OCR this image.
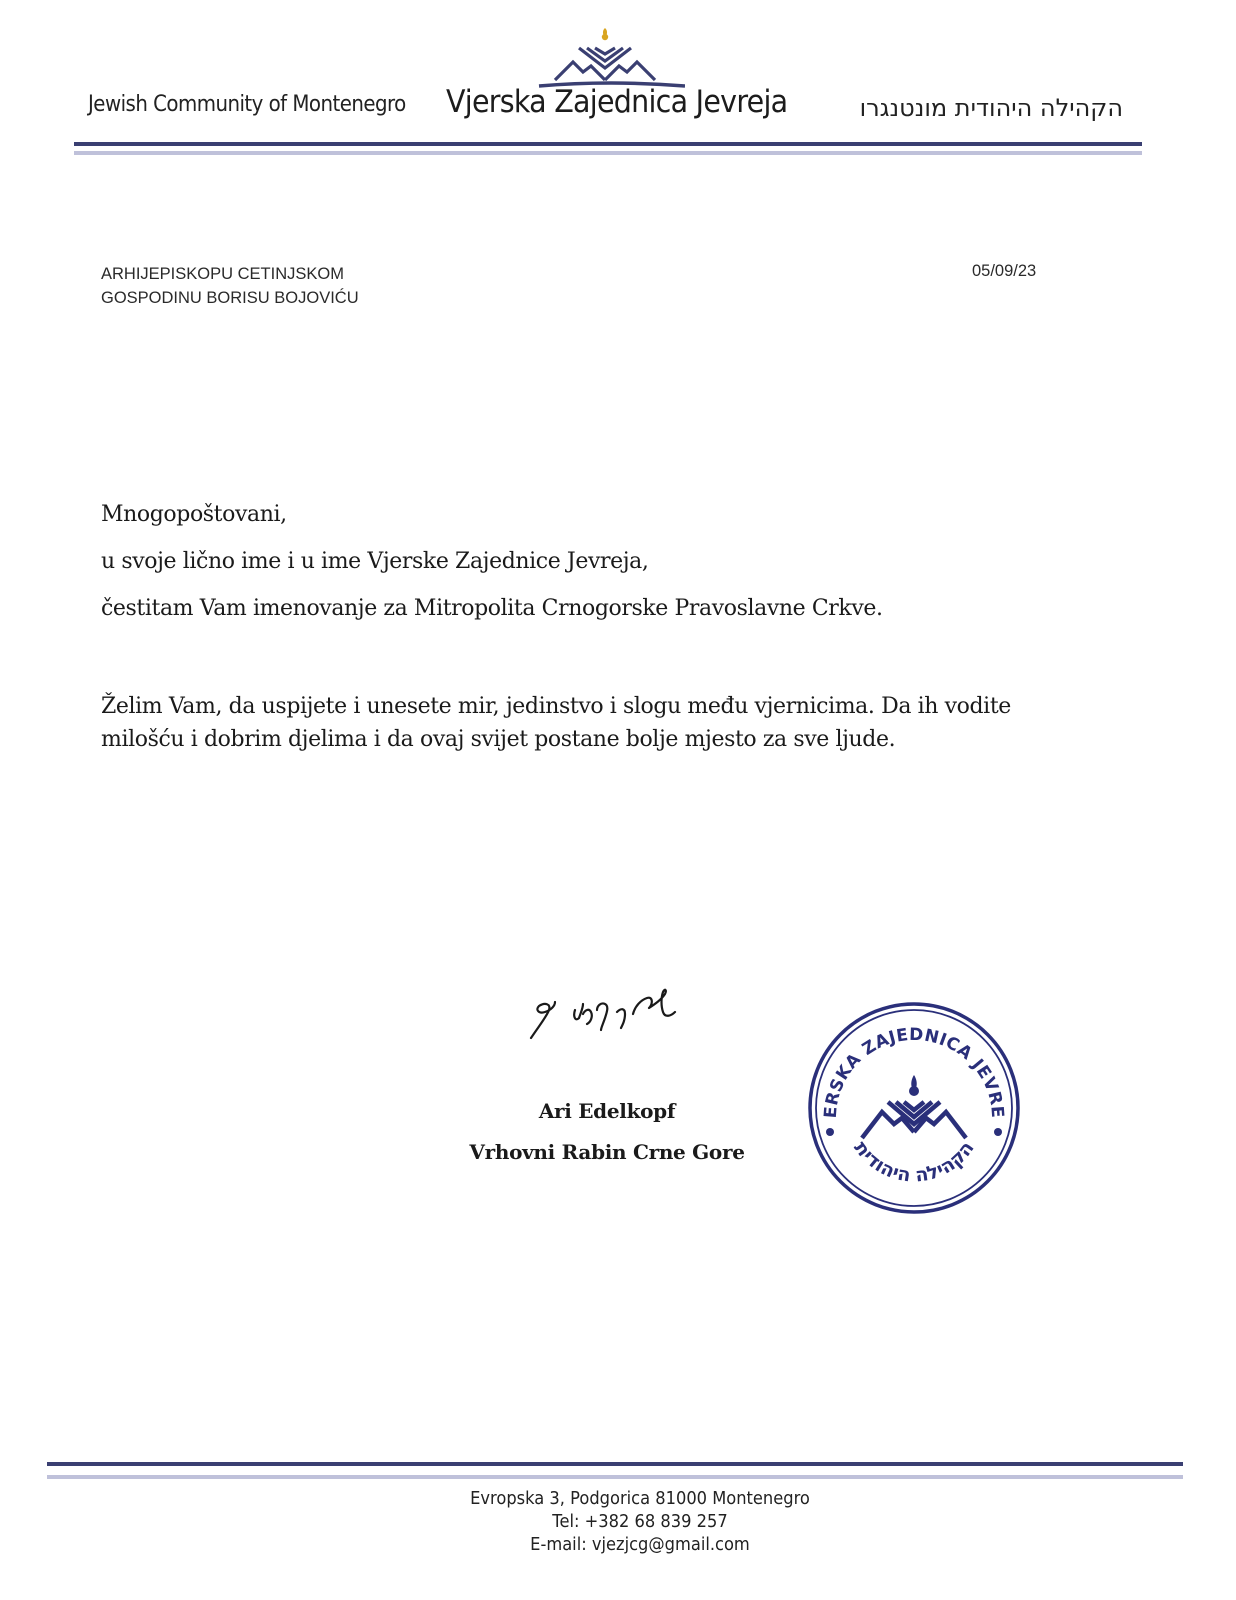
Jewish Community of Montenegro Vjerska Zajednica Jevreja	הקהילה היהודית מונטנגרו
ARHIJEPISKOPU CETINJSKOM
GOSPODINU BORISU BOJOVIĆU
05/09/23
Mnogopoštovani,
u svoje lično ime i u ime Vjerske Zajednice Jevreja,
čestitam Vam imenovanje za Mitropolita Crnogorske Pravoslavne Crkve.
Želim Vam, da uspijete i unesete mir, jedinstvo i slogu među vjernicima. Da ih vodite
milošću i dobrim djelima i da ovaj svijet postane bolje mjesto za sve ljude.
Ari Edelkopf
Vrhovni Rabin Crne Gore
ERSKA ZAJEDNICA JEVRE
הקהילה היהודית
Evropska 3, Podgorica 81000 Montenegro
Tel: +382 68 839 257
E-mail: vjezjcg@gmail.com
